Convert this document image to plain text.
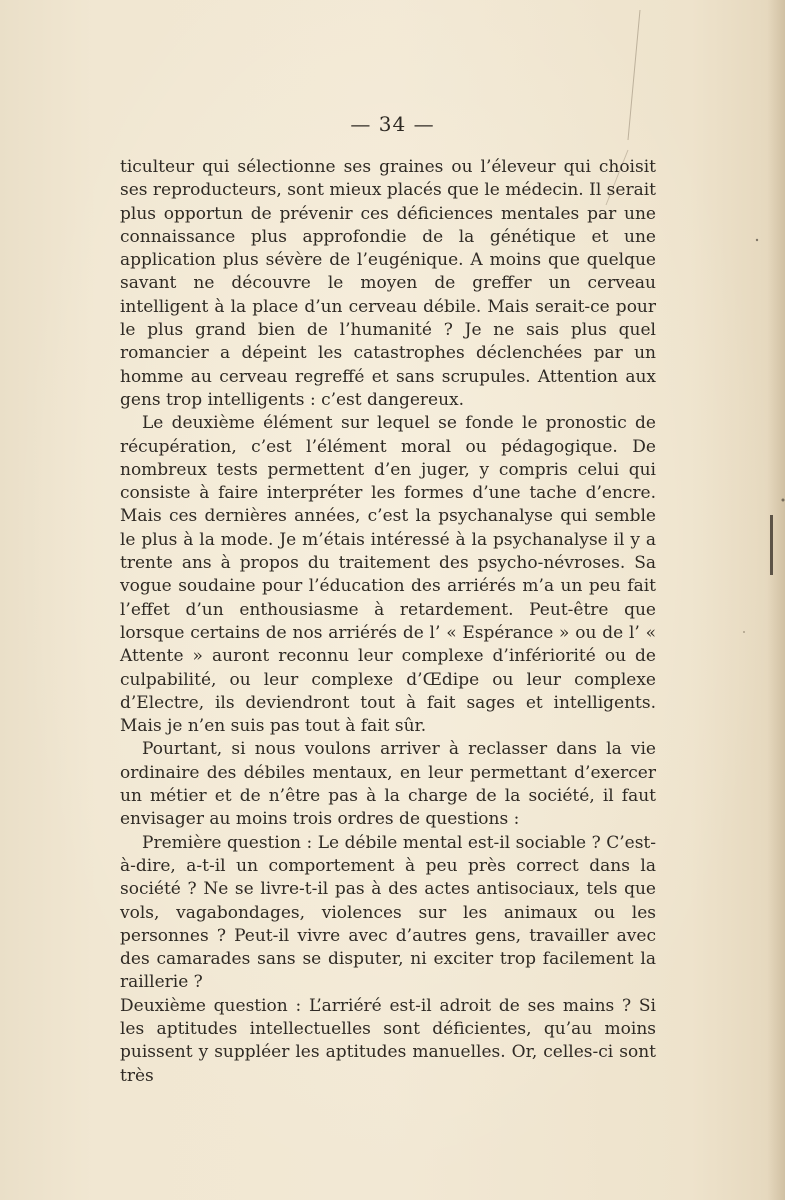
— 34 —

ticulteur qui sélectionne ses graines ou l’éleveur qui choisit ses reproducteurs, sont mieux placés que le médecin. Il serait plus opportun de prévenir ces déficiences mentales par une connaissance plus approfondie de la génétique et une application plus sévère de l’eugénique. A moins que quelque savant ne découvre le moyen de greffer un cerveau intelligent à la place d’un cerveau débile. Mais serait-ce pour le plus grand bien de l’humanité ? Je ne sais plus quel romancier a dépeint les catastrophes déclenchées par un homme au cerveau regreffé et sans scrupules. Attention aux gens trop intelligents : c’est dangereux.

Le deuxième élément sur lequel se fonde le pronostic de récupération, c’est l’élément moral ou pédagogique. De nombreux tests permettent d’en juger, y compris celui qui consiste à faire interpréter les formes d’une tache d’encre. Mais ces dernières années, c’est la psychanalyse qui semble le plus à la mode. Je m’étais intéressé à la psychanalyse il y a trente ans à propos du traitement des psycho-névroses. Sa vogue soudaine pour l’éducation des arriérés m’a un peu fait l’effet d’un enthousiasme à retardement. Peut-être que lorsque certains de nos arriérés de l’ « Espérance » ou de l’ « Attente » auront reconnu leur complexe d’infériorité ou de culpabilité, ou leur complexe d’Œdipe ou leur complexe d’Electre, ils deviendront tout à fait sages et intelligents. Mais je n’en suis pas tout à fait sûr.

Pourtant, si nous voulons arriver à reclasser dans la vie ordinaire des débiles mentaux, en leur permettant d’exercer un métier et de n’être pas à la charge de la société, il faut envisager au moins trois ordres de questions :

Première question : Le débile mental est-il sociable ? C’est-à-dire, a-t-il un comportement à peu près correct dans la société ? Ne se livre-t-il pas à des actes antisociaux, tels que vols, vagabondages, violences sur les animaux ou les personnes ? Peut-il vivre avec d’autres gens, travailler avec des camarades sans se disputer, ni exciter trop facilement la raillerie ?

Deuxième question : L’arriéré est-il adroit de ses mains ? Si les aptitudes intellectuelles sont déficientes, qu’au moins puissent y suppléer les aptitudes manuelles. Or, celles-ci sont très
